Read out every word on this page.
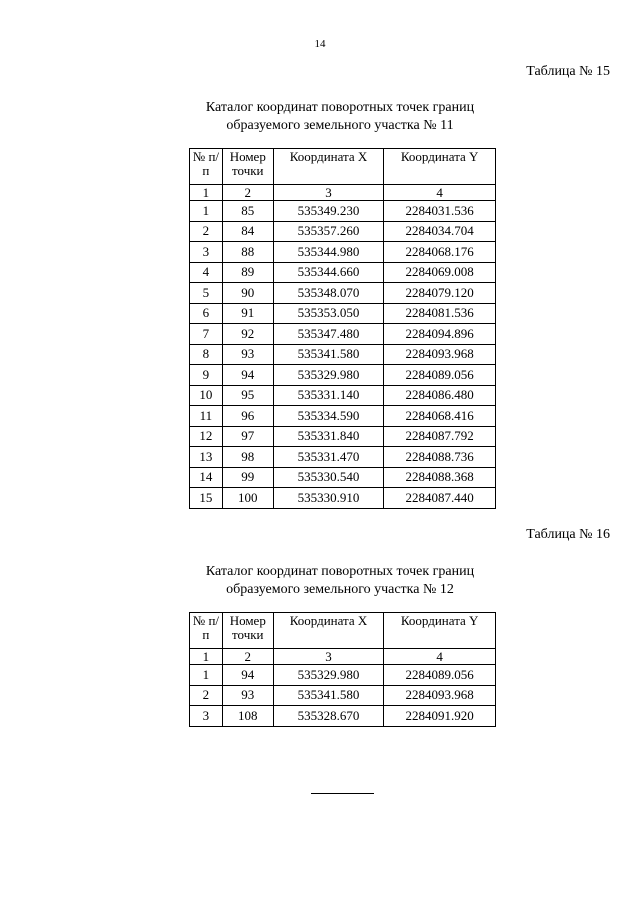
14
Таблица № 15
Каталог координат поворотных точек границ
образуемого земельного участка № 11
№ п/п	Номер точки	Координата X	Координата Y
1	2	3	4
1	85	535349.230	2284031.536
2	84	535357.260	2284034.704
3	88	535344.980	2284068.176
4	89	535344.660	2284069.008
5	90	535348.070	2284079.120
6	91	535353.050	2284081.536
7	92	535347.480	2284094.896
8	93	535341.580	2284093.968
9	94	535329.980	2284089.056
10	95	535331.140	2284086.480
11	96	535334.590	2284068.416
12	97	535331.840	2284087.792
13	98	535331.470	2284088.736
14	99	535330.540	2284088.368
15	100	535330.910	2284087.440
Таблица № 16
Каталог координат поворотных точек границ
образуемого земельного участка № 12
№ п/п	Номер точки	Координата X	Координата Y
1	2	3	4
1	94	535329.980	2284089.056
2	93	535341.580	2284093.968
3	108	535328.670	2284091.920
